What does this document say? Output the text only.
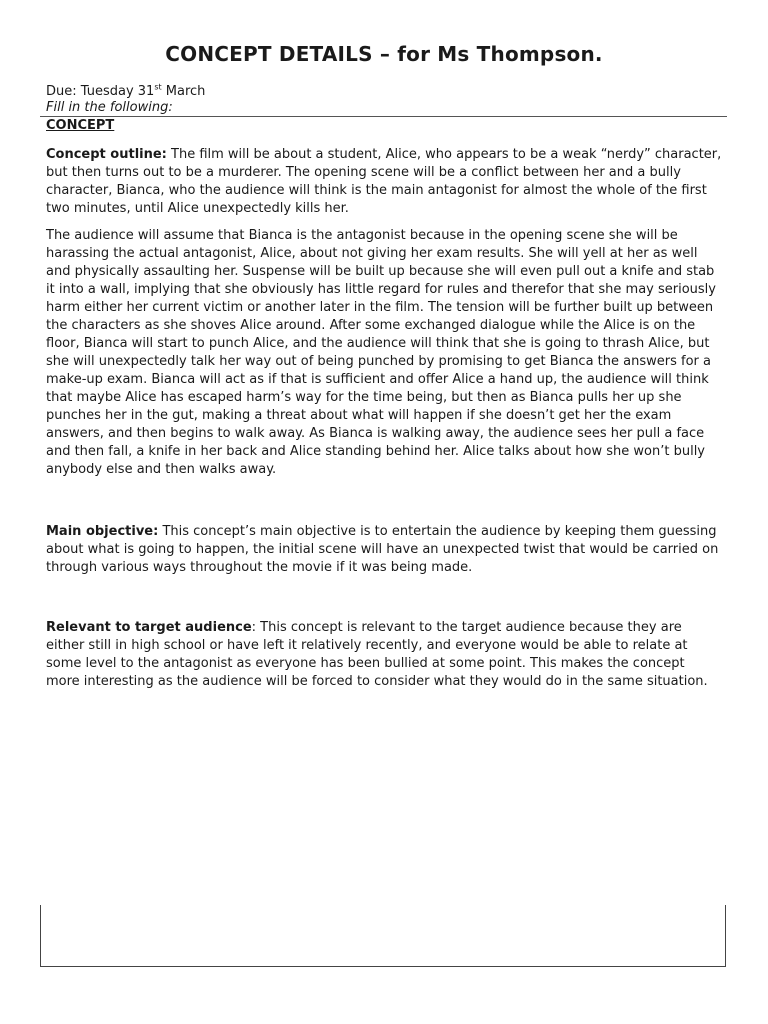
CONCEPT DETAILS – for Ms Thompson.
Due: Tuesday 31st March
Fill in the following:
CONCEPT

Concept outline: The film will be about a student, Alice, who appears to be a weak “nerdy” character, but then turns out to be a murderer. The opening scene will be a conflict between her and a bully character, Bianca, who the audience will think is the main antagonist for almost the whole of the first two minutes, until Alice unexpectedly kills her.

The audience will assume that Bianca is the antagonist because in the opening scene she will be harassing the actual antagonist, Alice, about not giving her exam results. She will yell at her as well and physically assaulting her. Suspense will be built up because she will even pull out a knife and stab it into a wall, implying that she obviously has little regard for rules and therefor that she may seriously harm either her current victim or another later in the film. The tension will be further built up between the characters as she shoves Alice around. After some exchanged dialogue while the Alice is on the floor, Bianca will start to punch Alice, and the audience will think that she is going to thrash Alice, but she will unexpectedly talk her way out of being punched by promising to get Bianca the answers for a make-up exam. Bianca will act as if that is sufficient and offer Alice a hand up, the audience will think that maybe Alice has escaped harm’s way for the time being, but then as Bianca pulls her up she punches her in the gut, making a threat about what will happen if she doesn’t get her the exam answers, and then begins to walk away. As Bianca is walking away, the audience sees her pull a face and then fall, a knife in her back and Alice standing behind her. Alice talks about how she won’t bully anybody else and then walks away.

Main objective: This concept’s main objective is to entertain the audience by keeping them guessing about what is going to happen, the initial scene will have an unexpected twist that would be carried on through various ways throughout the movie if it was being made.

Relevant to target audience: This concept is relevant to the target audience because they are either still in high school or have left it relatively recently, and everyone would be able to relate at some level to the antagonist as everyone has been bullied at some point. This makes the concept more interesting as the audience will be forced to consider what they would do in the same situation.
